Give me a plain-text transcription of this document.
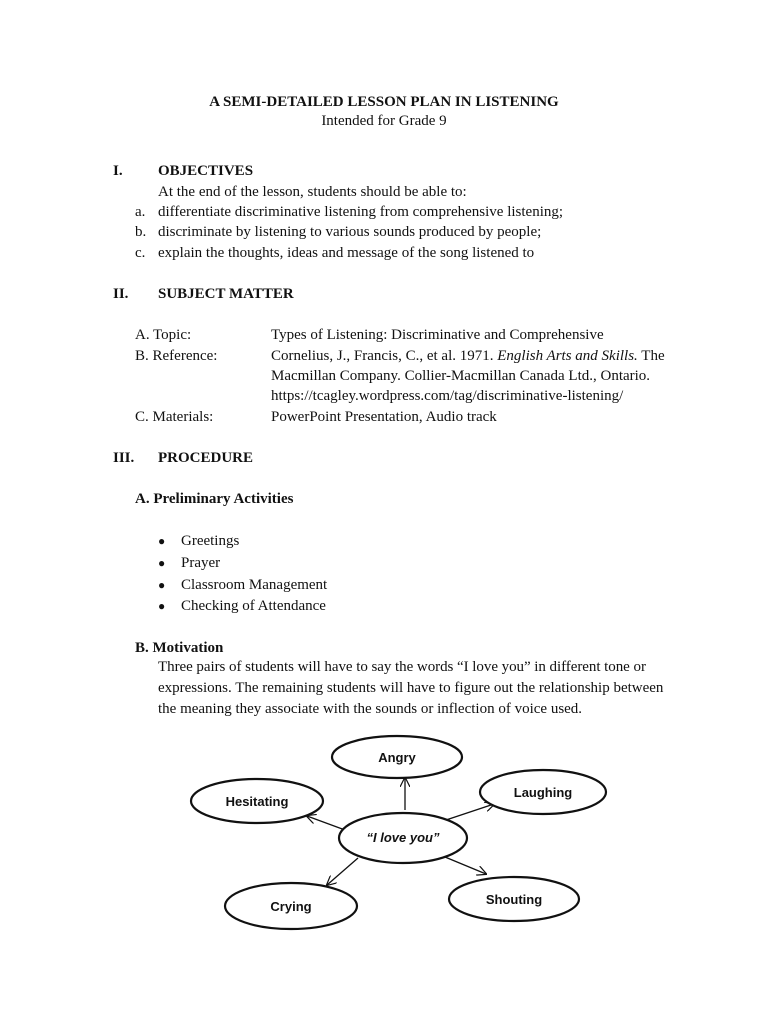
A SEMI-DETAILED LESSON PLAN IN LISTENING
Intended for Grade 9
I. OBJECTIVES
At the end of the lesson, students should be able to:
a. differentiate discriminative listening from comprehensive listening;
b. discriminate by listening to various sounds produced by people;
c. explain the thoughts, ideas and message of the song listened to
II. SUBJECT MATTER
A. Topic:	Types of Listening: Discriminative and Comprehensive
B. Reference:	Cornelius, J., Francis, C., et al. 1971. English Arts and Skills. The
Macmillan Company. Collier-Macmillan Canada Ltd., Ontario.
https://tcagley.wordpress.com/tag/discriminative-listening/
C. Materials:	PowerPoint Presentation, Audio track
III. PROCEDURE
A. Preliminary Activities
● Greetings
● Prayer
● Classroom Management
● Checking of Attendance
B. Motivation
Three pairs of students will have to say the words “I love you” in different tone or
expressions. The remaining students will have to figure out the relationship between
the meaning they associate with the sounds or inflection of voice used.
“I love you”
Angry
Laughing
Shouting
Crying
Hesitating
